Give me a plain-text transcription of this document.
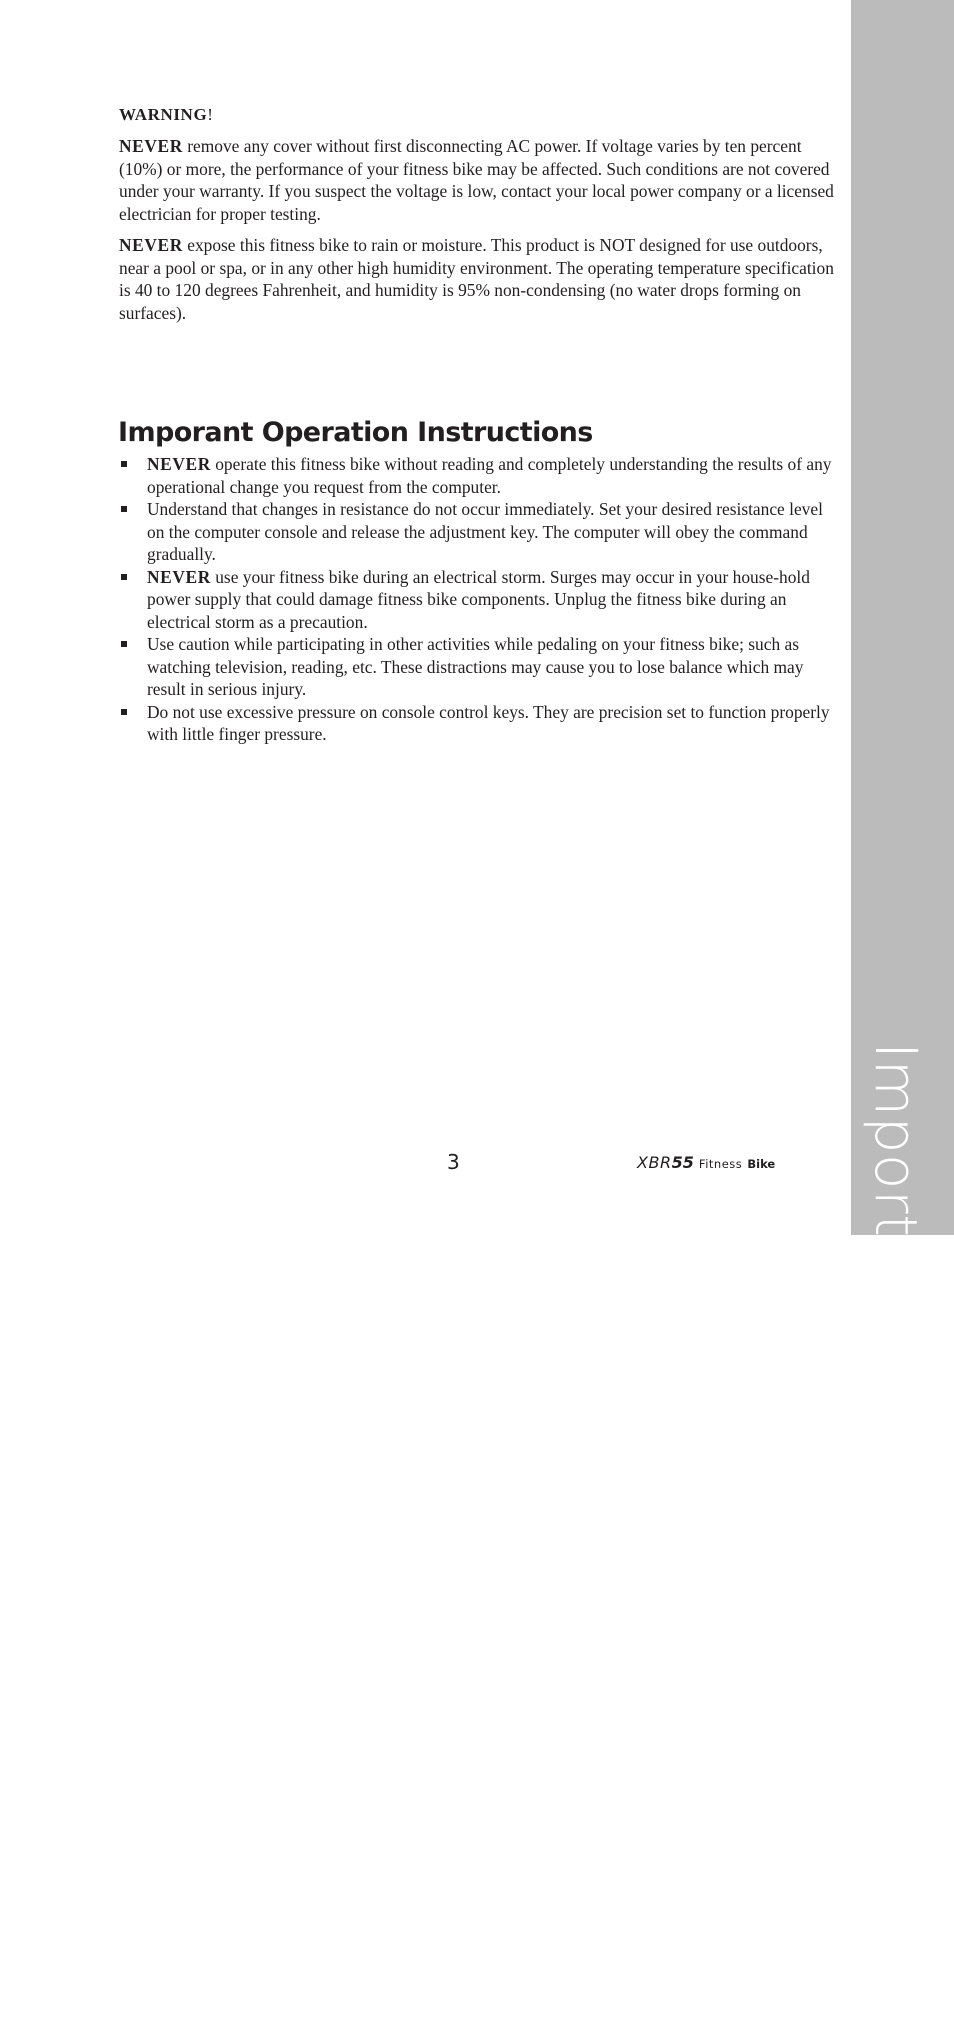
Important Electrical Instructions
WARNING!

NEVER remove any cover without first disconnecting AC power. If voltage varies by ten percent (10%) or more, the performance of your fitness bike may be affected. Such conditions are not covered under your warranty. If you suspect the voltage is low, contact your local power company or a licensed electrician for proper testing.

NEVER expose this fitness bike to rain or moisture. This product is NOT designed for use outdoors, near a pool or spa, or in any other high humidity environment. The operating temperature specification is 40 to 120 degrees Fahrenheit, and humidity is 95% non-condensing (no water drops forming on surfaces).

Imporant Operation Instructions
NEVER operate this fitness bike without reading and completely understanding the results of any operational change you request from the computer.
Understand that changes in resistance do not occur immediately. Set your desired resistance level on the computer console and release the adjustment key. The computer will obey the command gradually.
NEVER use your fitness bike during an electrical storm. Surges may occur in your house-hold power supply that could damage fitness bike components. Unplug the fitness bike during an electrical storm as a precaution.
Use caution while participating in other activities while pedaling on your fitness bike; such as watching television, reading, etc. These distractions may cause you to lose balance which may result in serious injury.
Do not use excessive pressure on console control keys. They are precision set to function properly with little finger pressure.
3	XBR55 Fitness Bike
